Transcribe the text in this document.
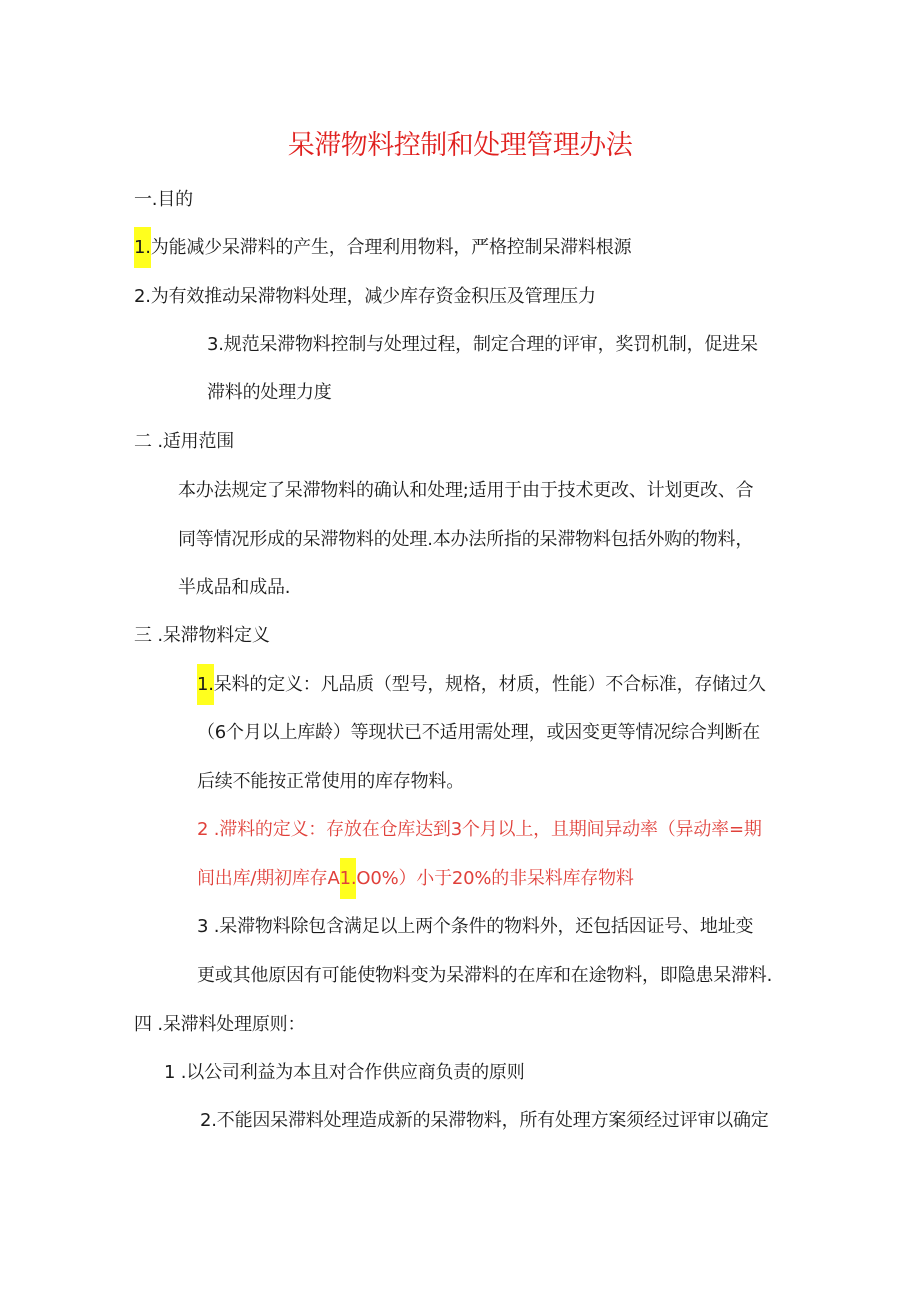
呆滞物料控制和处理管理办法
一.目的
1.为能减少呆滞料的产生，合理利用物料，严格控制呆滞料根源
2.为有效推动呆滞物料处理，减少库存资金积压及管理压力
3.规范呆滞物料控制与处理过程，制定合理的评审，奖罚机制，促进呆
滞料的处理力度
二 .适用范围
本办法规定了呆滞物料的确认和处理;适用于由于技术更改、计划更改、合
同等情况形成的呆滞物料的处理.本办法所指的呆滞物料包括外购的物料，
半成品和成品.
三 .呆滞物料定义
1.呆料的定义：凡品质（型号，规格，材质，性能）不合标准，存储过久
（6个月以上库龄）等现状已不适用需处理，或因变更等情况综合判断在
后续不能按正常使用的库存物料。
2 .滞料的定义：存放在仓库达到3个月以上，且期间异动率（异动率=期
间出库/期初库存A1.O0%）小于20%的非呆料库存物料
3 .呆滞物料除包含满足以上两个条件的物料外，还包括因证号、地址变
更或其他原因有可能使物料变为呆滞料的在库和在途物料，即隐患呆滞料.
四 .呆滞料处理原则：
1 .以公司利益为本且对合作供应商负责的原则
2.不能因呆滞料处理造成新的呆滞物料，所有处理方案须经过评审以确定
